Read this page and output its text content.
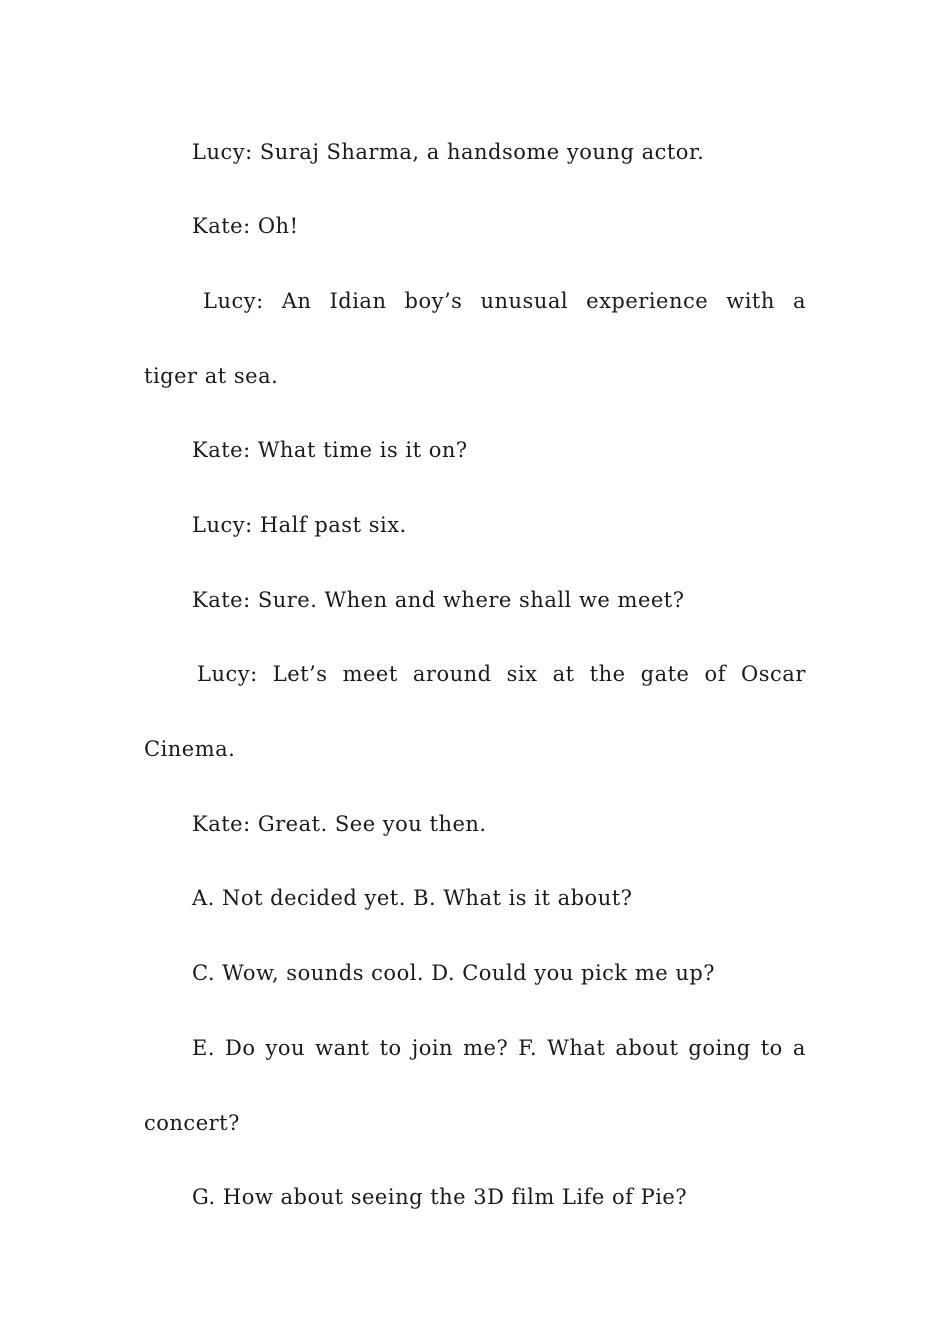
Lucy: Suraj Sharma, a handsome young actor.
Kate: Oh!
Lucy: An Idian boy’s unusual experience with a
tiger at sea.
Kate: What time is it on?
Lucy: Half past six.
Kate: Sure. When and where shall we meet?
Lucy: Let’s meet around six at the gate of Oscar
Cinema.
Kate: Great. See you then.
A. Not decided yet. B. What is it about?
C. Wow, sounds cool. D. Could you pick me up?
E. Do you want to join me? F. What about going to a
concert?
G. How about seeing the 3D film Life of Pie?
